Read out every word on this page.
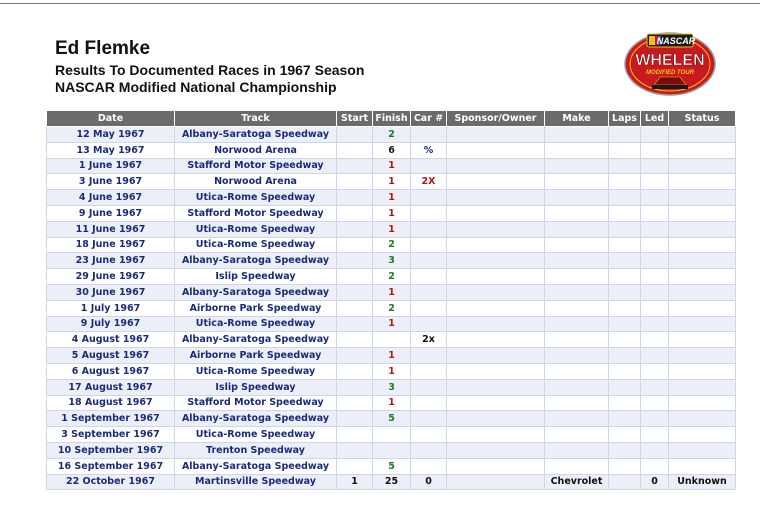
Ed Flemke
Results To Documented Races in 1967 Season
NASCAR Modified National Championship
NASCAR
WHELEN
MODIFIED TOUR
Date	Track	Start	Finish	Car #	Sponsor/Owner	Make	Laps	Led	Status
12 May 1967	Albany-Saratoga Speedway		2						
13 May 1967	Norwood Arena		6	%					
1 June 1967	Stafford Motor Speedway		1						
3 June 1967	Norwood Arena		1	2X					
4 June 1967	Utica-Rome Speedway		1						
9 June 1967	Stafford Motor Speedway		1						
11 June 1967	Utica-Rome Speedway		1						
18 June 1967	Utica-Rome Speedway		2						
23 June 1967	Albany-Saratoga Speedway		3						
29 June 1967	Islip Speedway		2						
30 June 1967	Albany-Saratoga Speedway		1						
1 July 1967	Airborne Park Speedway		2						
9 July 1967	Utica-Rome Speedway		1						
4 August 1967	Albany-Saratoga Speedway			2x					
5 August 1967	Airborne Park Speedway		1						
6 August 1967	Utica-Rome Speedway		1						
17 August 1967	Islip Speedway		3						
18 August 1967	Stafford Motor Speedway		1						
1 September 1967	Albany-Saratoga Speedway		5						
3 September 1967	Utica-Rome Speedway								
10 September 1967	Trenton Speedway								
16 September 1967	Albany-Saratoga Speedway		5						
22 October 1967	Martinsville Speedway	1	25	0		Chevrolet		0	Unknown
